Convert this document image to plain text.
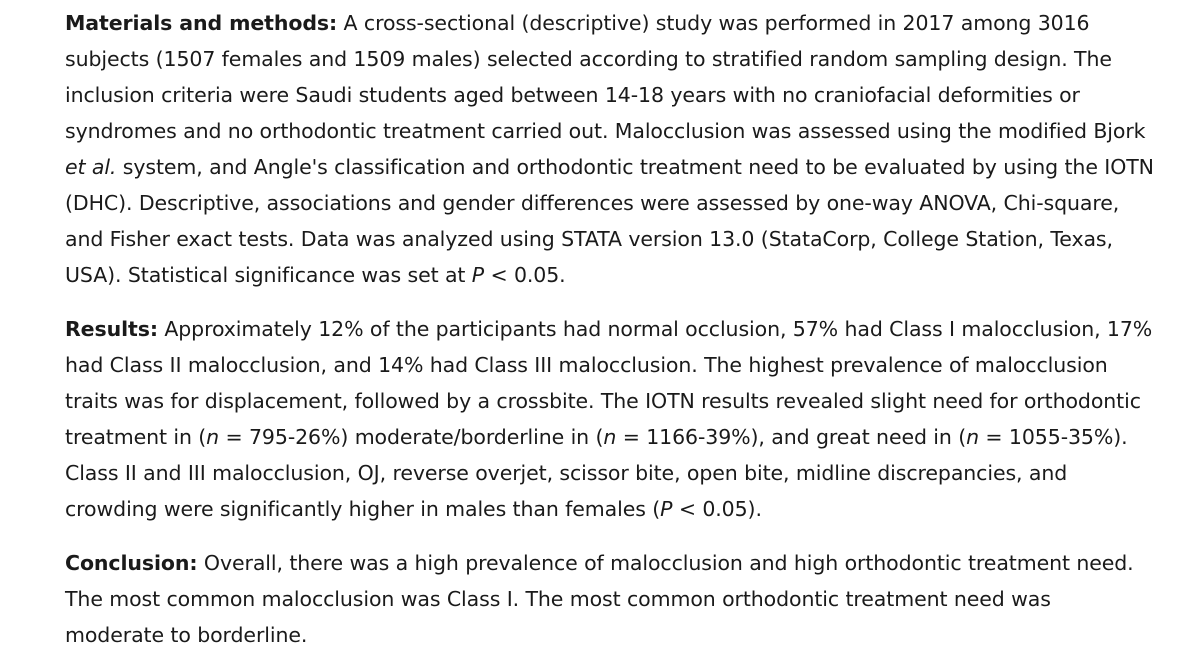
Materials and methods: A cross-sectional (descriptive) study was performed in 2017 among 3016 subjects (1507 females and 1509 males) selected according to stratified random sampling design. The inclusion criteria were Saudi students aged between 14-18 years with no craniofacial deformities or syndromes and no orthodontic treatment carried out. Malocclusion was assessed using the modified Bjork et al. system, and Angle's classification and orthodontic treatment need to be evaluated by using the IOTN (DHC). Descriptive, associations and gender differences were assessed by one-way ANOVA, Chi-square, and Fisher exact tests. Data was analyzed using STATA version 13.0 (StataCorp, College Station, Texas, USA). Statistical significance was set at P < 0.05.

Results: Approximately 12% of the participants had normal occlusion, 57% had Class I malocclusion, 17% had Class II malocclusion, and 14% had Class III malocclusion. The highest prevalence of malocclusion traits was for displacement, followed by a crossbite. The IOTN results revealed slight need for orthodontic treatment in (n = 795-26%) moderate/borderline in (n = 1166-39%), and great need in (n = 1055-35%). Class II and III malocclusion, OJ, reverse overjet, scissor bite, open bite, midline discrepancies, and crowding were significantly higher in males than females (P < 0.05).

Conclusion: Overall, there was a high prevalence of malocclusion and high orthodontic treatment need. The most common malocclusion was Class I. The most common orthodontic treatment need was moderate to borderline.
